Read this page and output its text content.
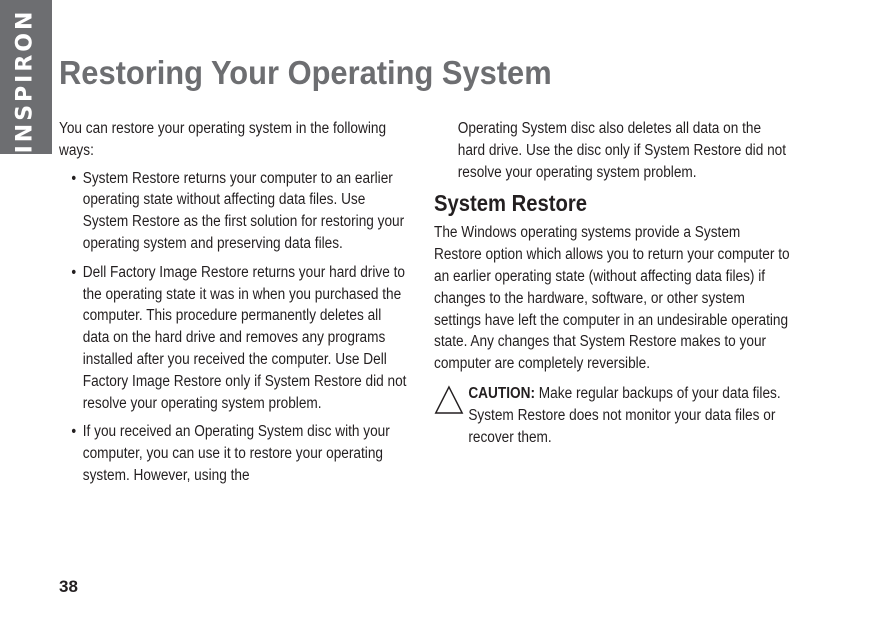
INSPIRON Restoring Your Operating System

You can restore your operating system in the following ways:

• System Restore returns your computer to an earlier operating state without affecting data files. Use System Restore as the first solution for restoring your operating system and preserving data files.
• Dell Factory Image Restore returns your hard drive to the operating state it was in when you purchased the computer. This procedure permanently deletes all data on the hard drive and removes any programs installed after you received the computer. Use Dell Factory Image Restore only if System Restore did not resolve your operating system problem.
• If you received an Operating System disc with your computer, you can use it to restore your operating system. However, using the

Operating System disc also deletes all data on the hard drive. Use the disc only if System Restore did not resolve your operating system problem.

System Restore

The Windows operating systems provide a System Restore option which allows you to return your computer to an earlier operating state (without affecting data files) if changes to the hardware, software, or other system settings have left the computer in an undesirable operating state. Any changes that System Restore makes to your computer are completely reversible.

CAUTION: Make regular backups of your data files. System Restore does not monitor your data files or recover them.
38
